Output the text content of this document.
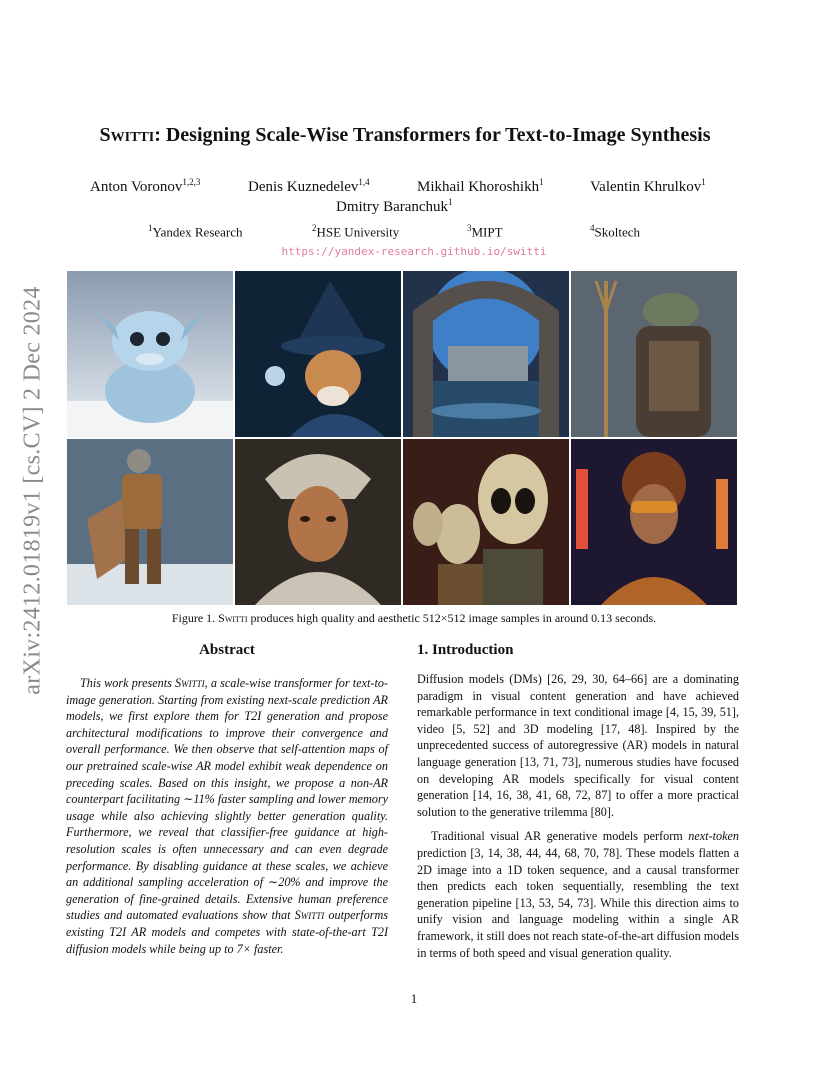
arXiv:2412.01819v1 [cs.CV] 2 Dec 2024
Switti: Designing Scale-Wise Transformers for Text-to-Image Synthesis
Anton Voronov$^{1,2,3}$	Denis Kuznedelev$^{1,4}$	Mikhail Khoroshikh$^1$	Valentin Khrulkov$^1$
Dmitry Baranchuk$^1$
$^1$Yandex Research	$^2$HSE University	$^3$MIPT	$^4$Skoltech
https://yandex-research.github.io/switti
Figure 1. Switti produces high quality and aesthetic 512×512 image samples in around 0.13 seconds.
Abstract

This work presents Switti, a scale-wise transformer for text-to-image generation. Starting from existing next-scale prediction AR models, we first explore them for T2I generation and propose architectural modifications to improve their convergence and overall performance. We then observe that self-attention maps of our pretrained scale-wise AR model exhibit weak dependence on preceding scales. Based on this insight, we propose a non-AR counterpart facilitating ∼11% faster sampling and lower memory usage while also achieving slightly better generation quality. Furthermore, we reveal that classifier-free guidance at high-resolution scales is often unnecessary and can even degrade performance. By disabling guidance at these scales, we achieve an additional sampling acceleration of ∼20% and improve the generation of fine-grained details. Extensive human preference studies and automated evaluations show that Switti outperforms existing T2I AR models and competes with state-of-the-art T2I diffusion models while being up to 7× faster.

1. Introduction

Diffusion models (DMs) [26, 29, 30, 64–66] are a dominating paradigm in visual content generation and have achieved remarkable performance in text conditional image [4, 15, 39, 51], video [5, 52] and 3D modeling [17, 48]. Inspired by the unprecedented success of autoregressive (AR) models in natural language generation [13, 71, 73], numerous studies have focused on developing AR models specifically for visual content generation [14, 16, 38, 41, 68, 72, 87] to offer a more practical solution to the generative trilemma [80].

Traditional visual AR generative models perform next-token prediction [3, 14, 38, 44, 44, 68, 70, 78]. These models flatten a 2D image into a 1D token sequence, and a causal transformer then predicts each token sequentially, resembling the text generation pipeline [13, 53, 54, 73]. While this direction aims to unify vision and language modeling within a single AR framework, it still does not reach state-of-the-art diffusion models in terms of both speed and visual generation quality.

1
